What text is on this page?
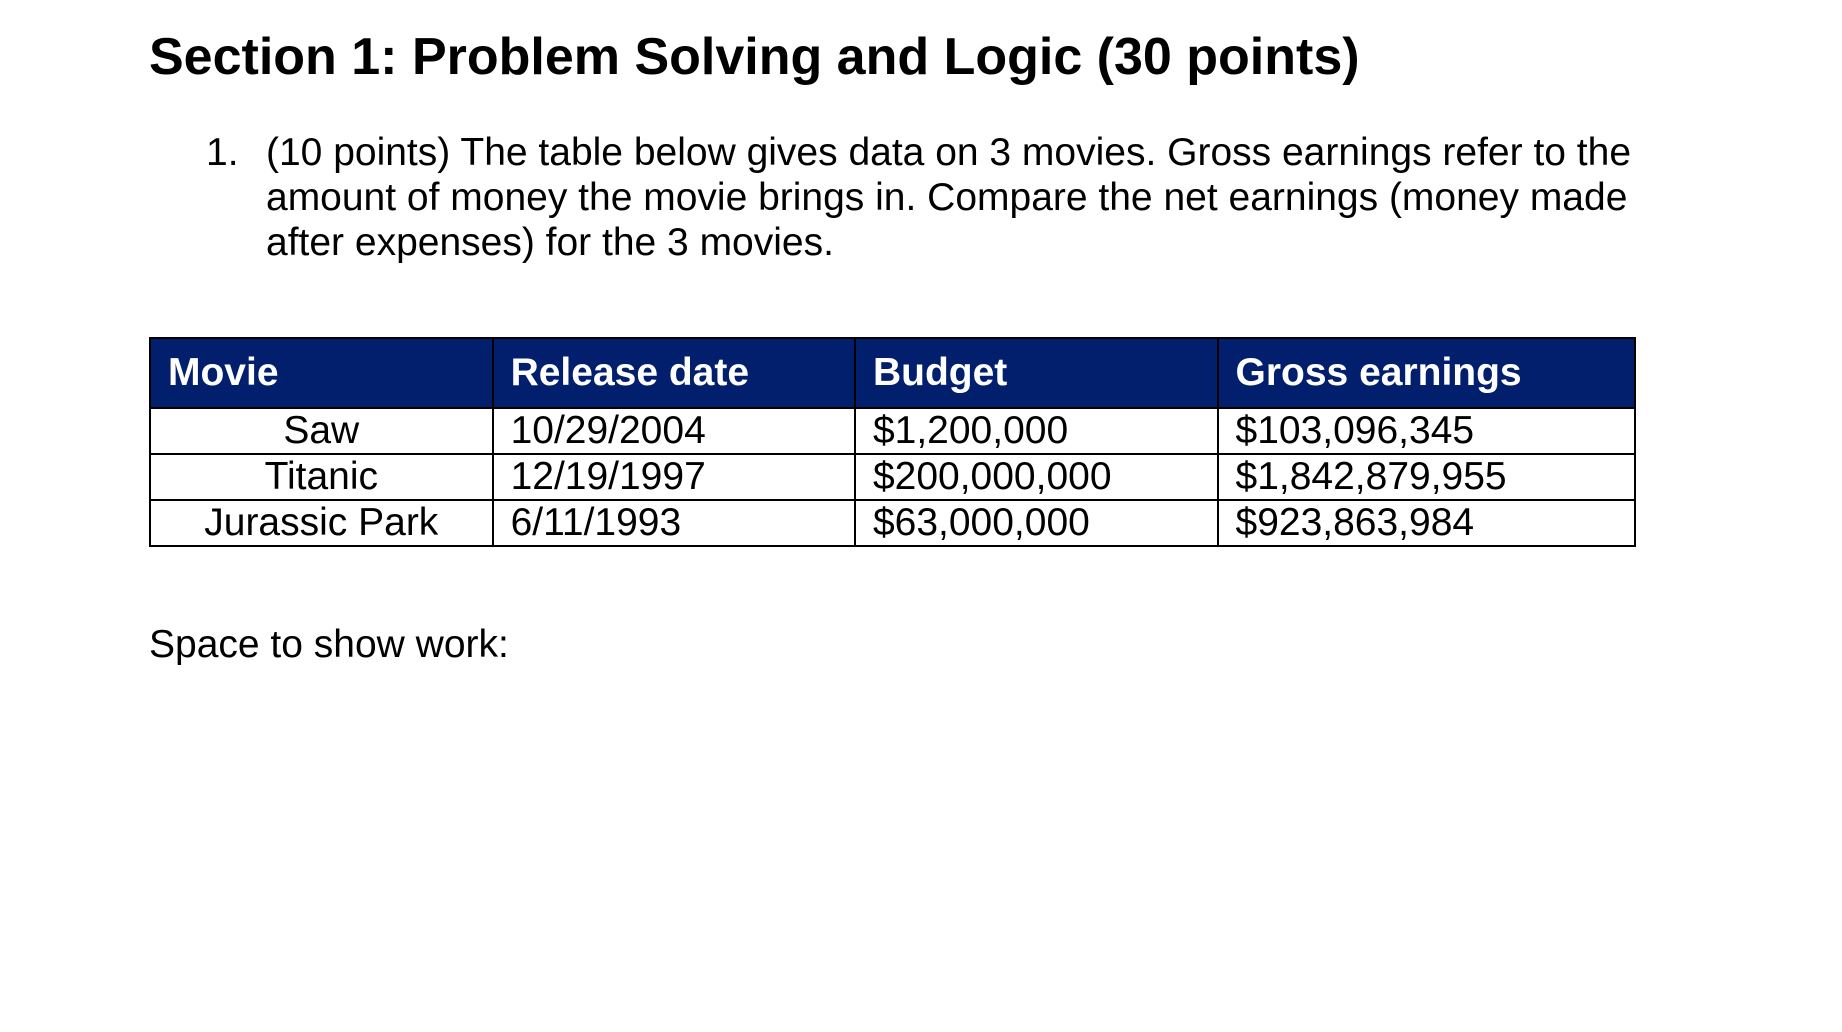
Section 1: Problem Solving and Logic (30 points)
1. (10 points) The table below gives data on 3 movies. Gross earnings refer to the amount of money the movie brings in. Compare the net earnings (money made after expenses) for the 3 movies.
Movie	Release date	Budget	Gross earnings
Saw	10/29/2004	$1,200,000	$103,096,345
Titanic	12/19/1997	$200,000,000	$1,842,879,955
Jurassic Park	6/11/1993	$63,000,000	$923,863,984
Space to show work:
